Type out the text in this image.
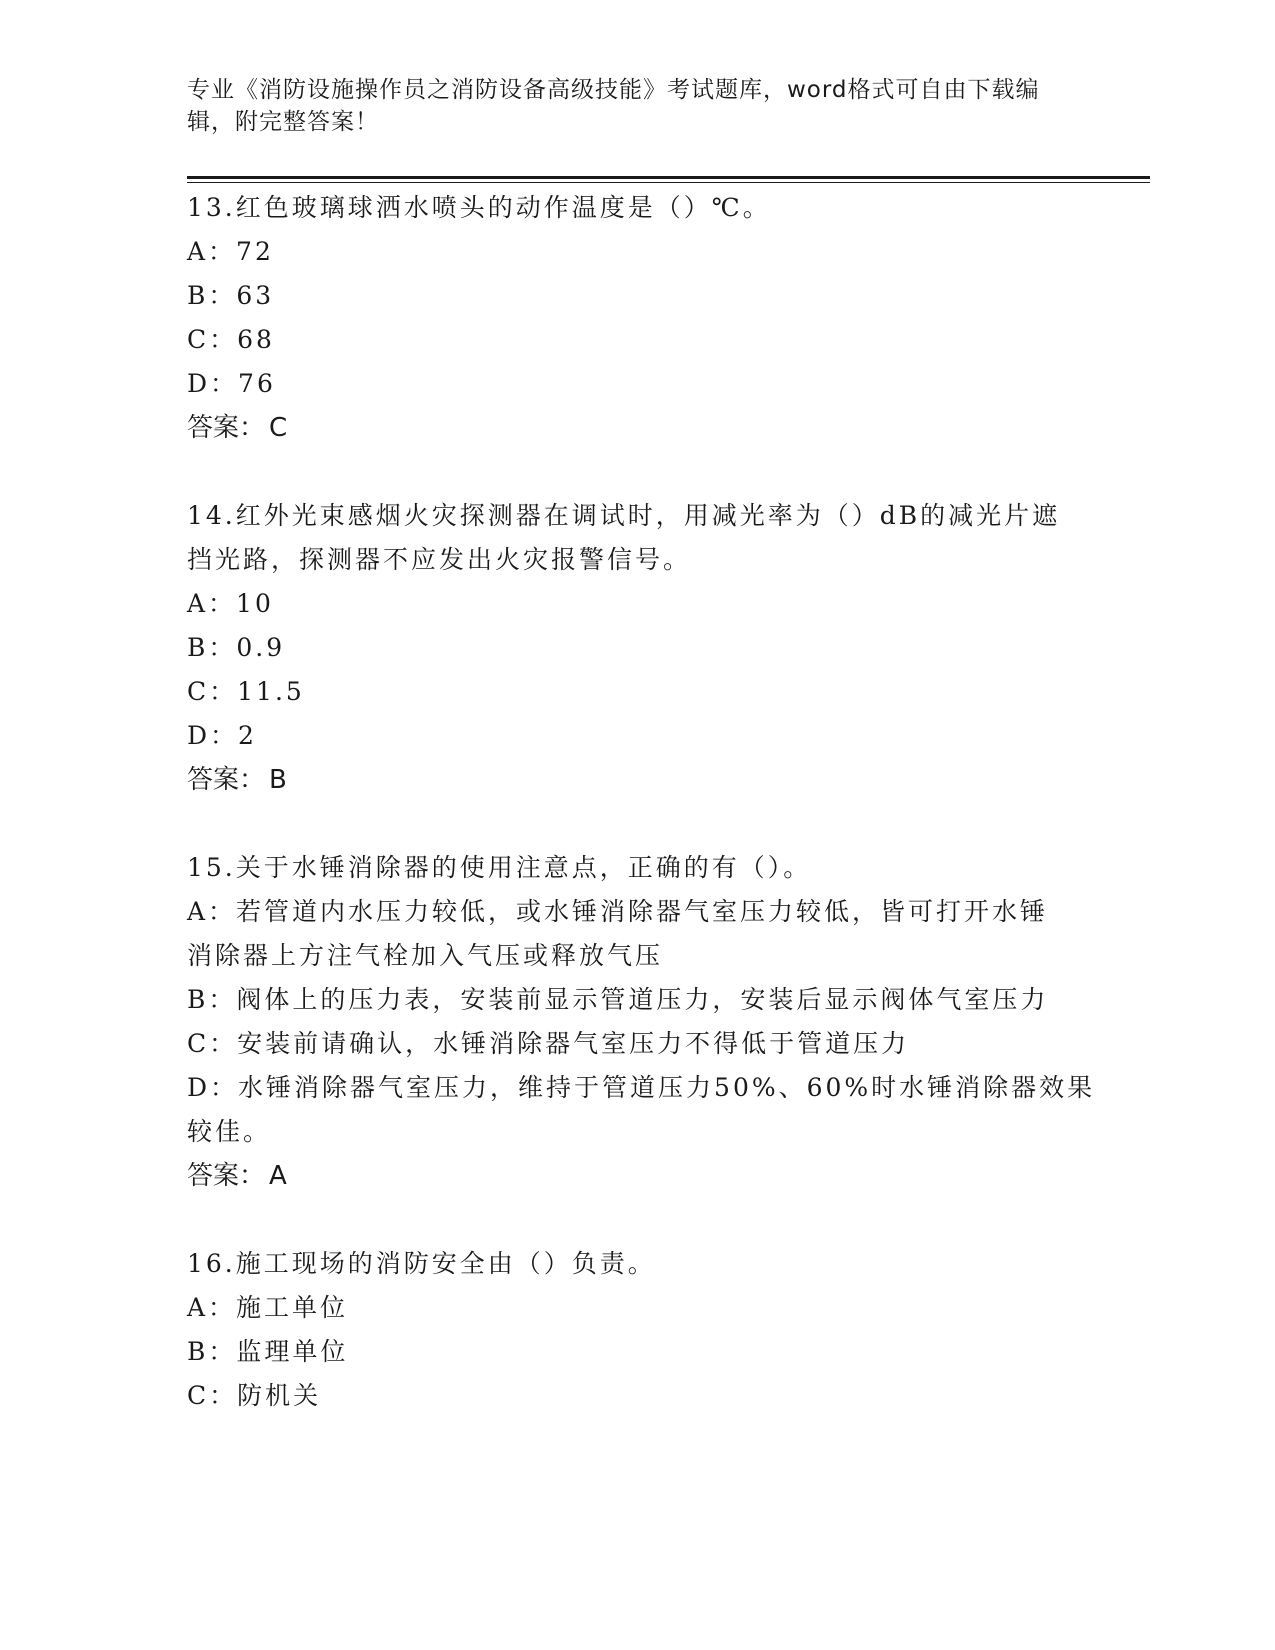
专业《消防设施操作员之消防设备高级技能》考试题库，word格式可自由下载编
辑，附完整答案！
13.红色玻璃球洒水喷头的动作温度是（）℃。
A：72
B：63
C：68
D：76
答案： C
14.红外光束感烟火灾探测器在调试时，用减光率为（）dB的减光片遮
挡光路，探测器不应发出火灾报警信号。
A：10
B：0.9
C：11.5
D：2
答案： B
15.关于水锤消除器的使用注意点，正确的有（）。
A：若管道内水压力较低，或水锤消除器气室压力较低，皆可打开水锤
消除器上方注气栓加入气压或释放气压
B：阀体上的压力表，安装前显示管道压力，安装后显示阀体气室压力
C：安装前请确认，水锤消除器气室压力不得低于管道压力
D：水锤消除器气室压力，维持于管道压力50%、60%时水锤消除器效果
较佳。
答案： A
16.施工现场的消防安全由（）负责。
A：施工单位
B：监理单位
C：防机关
